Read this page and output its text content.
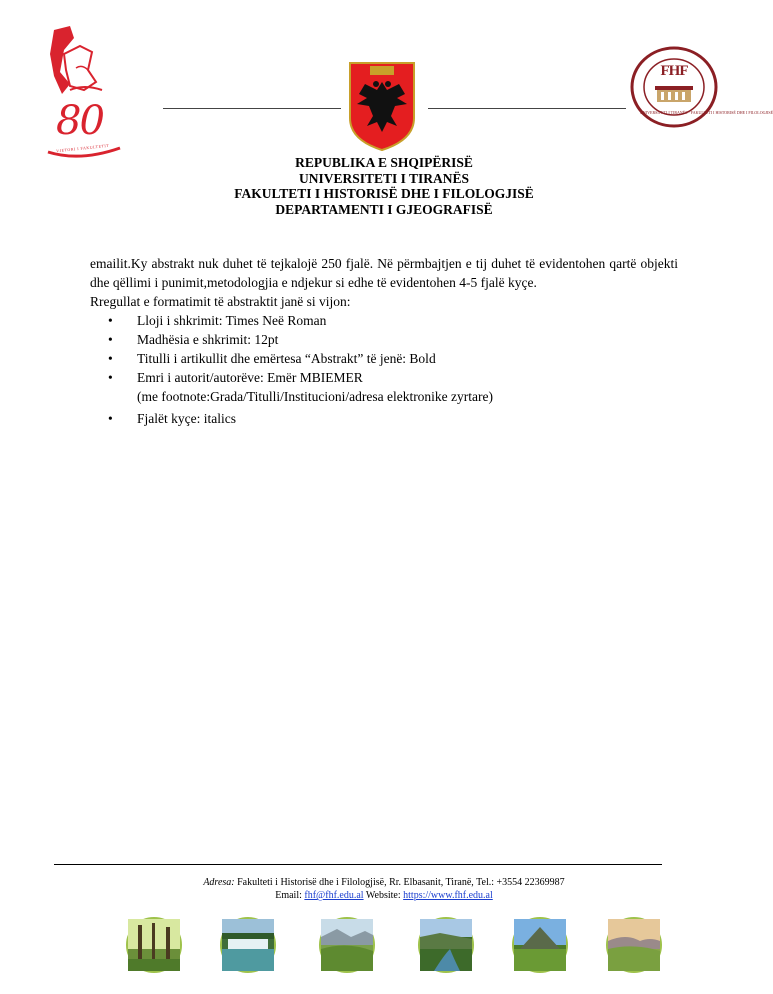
80
VJETORI I FAKULTETIT
FHF
UNIVERSITETI I TIRANËS · FAKULTETI I HISTORISË DHE I FILOLOGJISË
REPUBLIKA E SHQIPËRISË
UNIVERSITETI I TIRANËS
FAKULTETI I HISTORISË DHE I FILOLOGJISË
DEPARTAMENTI I GJEOGRAFISË

emailit.Ky abstrakt nuk duhet të tejkalojë 250 fjalë. Në përmbajtjen e tij duhet të evidentohen qartë objekti dhe qëllimi i punimit,metodologjia e ndjekur si edhe të evidentohen 4-5 fjalë kyçe.

Rregullat e formatimit të abstraktit janë si vijon:

• Lloji i shkrimit: Times Neë Roman
• Madhësia e shkrimit: 12pt
• Titulli i artikullit dhe emërtesa “Abstrakt” të jenë: Bold
• Emri i autorit/autorëve: Emër MBIEMER
(me footnote:Grada/Titulli/Institucioni/adresa elektronike zyrtare)
• Fjalët kyçe: italics
Adresa: Fakulteti i Historisë dhe i Filologjisë, Rr. Elbasanit, Tiranë, Tel.: +3554 22369987
Email: fhf@fhf.edu.al Website: https://www.fhf.edu.al
